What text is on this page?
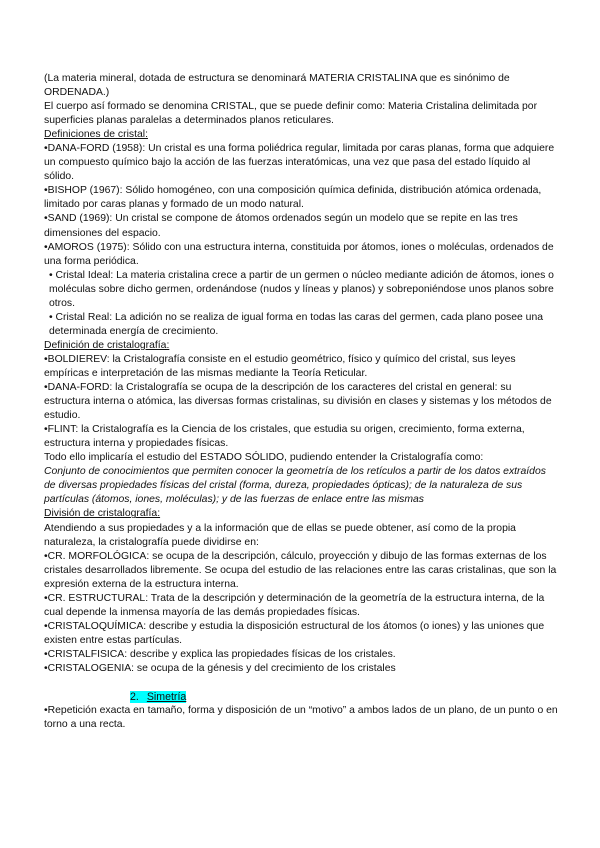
(La materia mineral, dotada de estructura se denominará MATERIA CRISTALINA que es sinónimo de ORDENADA.)

El cuerpo así formado se denomina CRISTAL, que se puede definir como: Materia Cristalina delimitada por superficies planas paralelas a determinados planos reticulares.

Definiciones de cristal:

•DANA-FORD (1958): Un cristal es una forma poliédrica regular, limitada por caras planas, forma que adquiere un compuesto químico bajo la acción de las fuerzas interatómicas, una vez que pasa del estado líquido al sólido.

•BISHOP (1967): Sólido homogéneo, con una composición química definida, distribución atómica ordenada, limitado por caras planas y formado de un modo natural.

•SAND (1969): Un cristal se compone de átomos ordenados según un modelo que se repite en las tres dimensiones del espacio.

•AMOROS (1975): Sólido con una estructura interna, constituida por átomos, iones o moléculas, ordenados de una forma periódica.

• Cristal Ideal: La materia cristalina crece a partir de un germen o núcleo mediante adición de átomos, iones o moléculas sobre dicho germen, ordenándose (nudos y líneas y planos) y sobreponiéndose unos planos sobre otros.

• Cristal Real: La adición no se realiza de igual forma en todas las caras del germen, cada plano posee una determinada energía de crecimiento.

Definición de cristalografía:

•BOLDIEREV: la Cristalografía consiste en el estudio geométrico, físico y químico del cristal, sus leyes empíricas e interpretación de las mismas mediante la Teoría Reticular.

•DANA-FORD: la Cristalografía se ocupa de la descripción de los caracteres del cristal en general: su estructura interna o atómica, las diversas formas cristalinas, su división en clases y sistemas y los métodos de estudio.

•FLINT: la Cristalografía es la Ciencia de los cristales, que estudia su origen, crecimiento, forma externa, estructura interna y propiedades físicas.

Todo ello implicaría el estudio del ESTADO SÓLIDO, pudiendo entender la Cristalografía como:

Conjunto de conocimientos que permiten conocer la geometría de los retículos a partir de los datos extraídos de diversas propiedades físicas del cristal (forma, dureza, propiedades ópticas); de la naturaleza de sus partículas (átomos, iones, moléculas); y de las fuerzas de enlace entre las mismas

División de cristalografía:

Atendiendo a sus propiedades y a la información que de ellas se puede obtener, así como de la propia naturaleza, la cristalografía puede dividirse en:

•CR. MORFOLÓGICA: se ocupa de la descripción, cálculo, proyección y dibujo de las formas externas de los cristales desarrollados libremente. Se ocupa del estudio de las relaciones entre las caras cristalinas, que son la expresión externa de la estructura interna.

•CR. ESTRUCTURAL: Trata de la descripción y determinación de la geometría de la estructura interna, de la cual depende la inmensa mayoría de las demás propiedades físicas.

•CRISTALOQUÍMICA: describe y estudia la disposición estructural de los átomos (o iones) y las uniones que existen entre estas partículas.

•CRISTALFISICA: describe y explica las propiedades físicas de los cristales.

•CRISTALOGENIA: se ocupa de la génesis y del crecimiento de los cristales

2. Simetría

•Repetición exacta en tamaño, forma y disposición de un “motivo” a ambos lados de un plano, de un punto o en torno a una recta.
